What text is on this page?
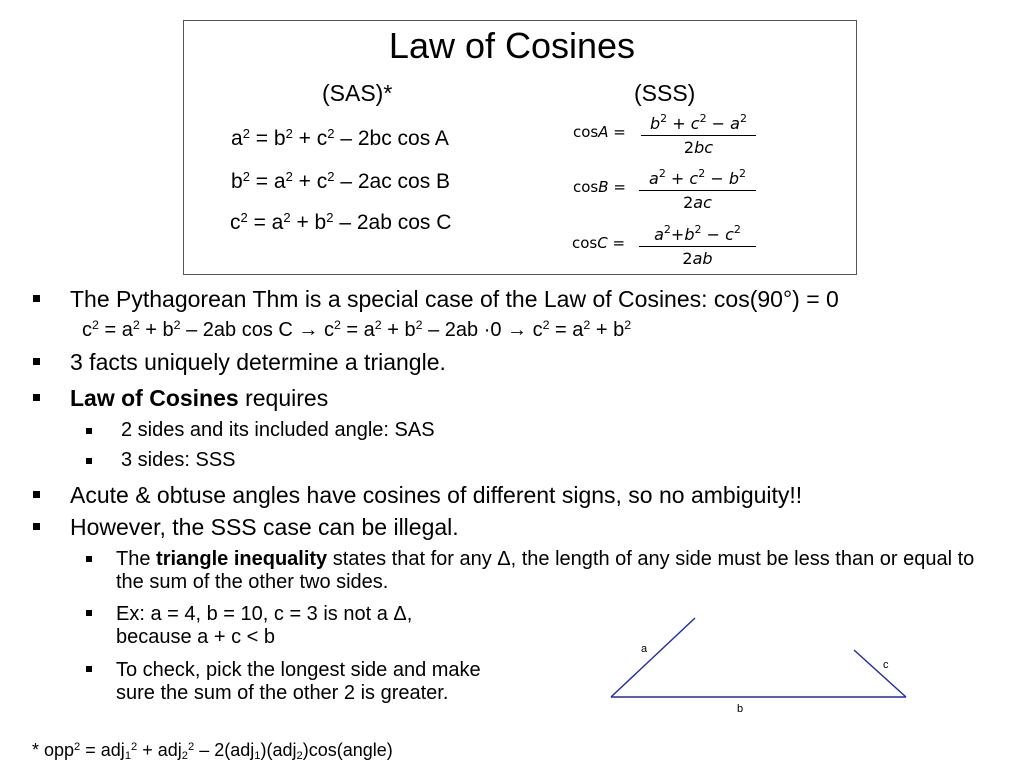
Law of Cosines
(SAS)*	(SSS)
$a^2 = b^2 + c^2 - 2bc$ cos A
$b^2 = a^2 + c^2 - 2ac$ cos B
$c^2 = a^2 + b^2 - 2ab$ cos C
cosA =	$b^2 + c^2 - a^2$
2bc
cosB =	$a^2 + c^2 - b^2$
2ac
cosC =	$a^2+b^2 - c^2$
2ab
The Pythagorean Thm is a special case of the Law of Cosines: cos(90°) = 0
$c^2 = a^2 + b^2 - 2ab$ $\cos C \to c^2 = a^2 + b^2 - 2ab \cdot 0 \to c^2 = a^2 + b^2$
3 facts uniquely determine a triangle.
Law of Cosines requires
2 sides and its included angle: SAS
3 sides: SSS
Acute & obtuse angles have cosines of different signs, so no ambiguity!!
However, the SSS case can be illegal.
The triangle inequality states that for any Δ, the length of any side must be less than or equal to the sum of the other two sides.
Ex: a = 4, b = 10, c = 3 is not a Δ,
because a + c < b
To check, pick the longest side and make
sure the sum of the other 2 is greater.
a
b
c
* opp$^2$ = adj$_1^2$ + adj$_2^2$ – 2(adj$_1$)(adj$_2$)cos(angle)
